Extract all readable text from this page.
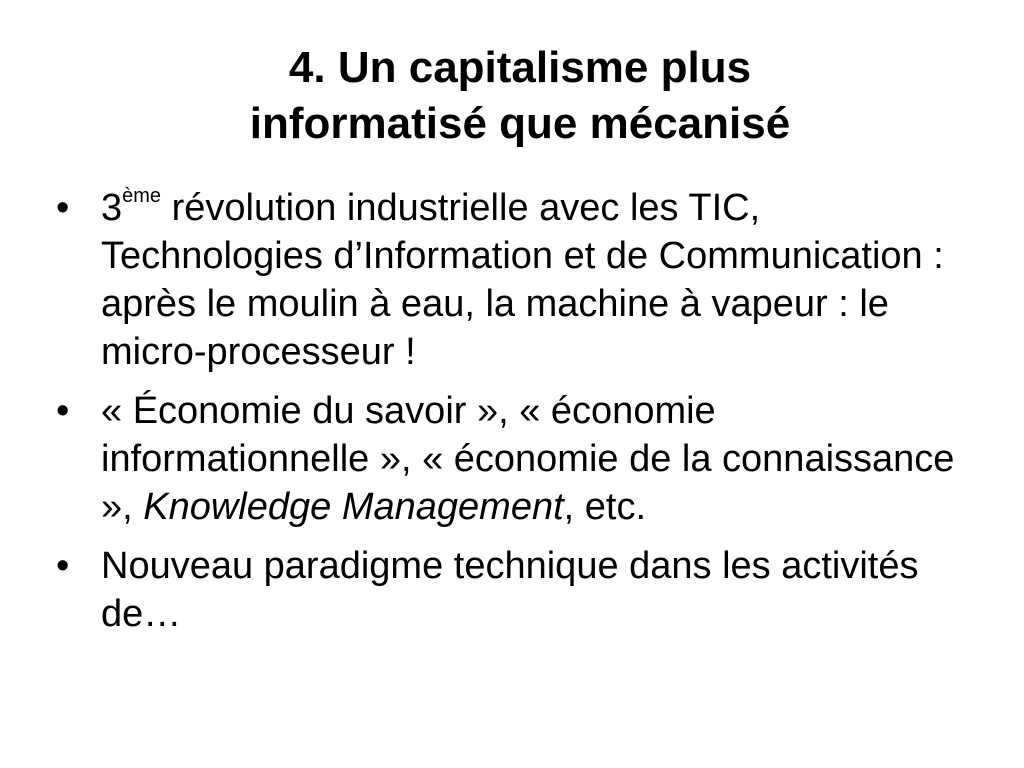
4. Un capitalisme plus
informatisé que mécanisé
• 3ème révolution industrielle avec les TIC, Technologies d’Information et de Communication : après le moulin à eau, la machine à vapeur : le micro-processeur !
• « Économie du savoir », « économie informationnelle », « économie de la connaissance », Knowledge Management, etc.
• Nouveau paradigme technique dans les activités de…
